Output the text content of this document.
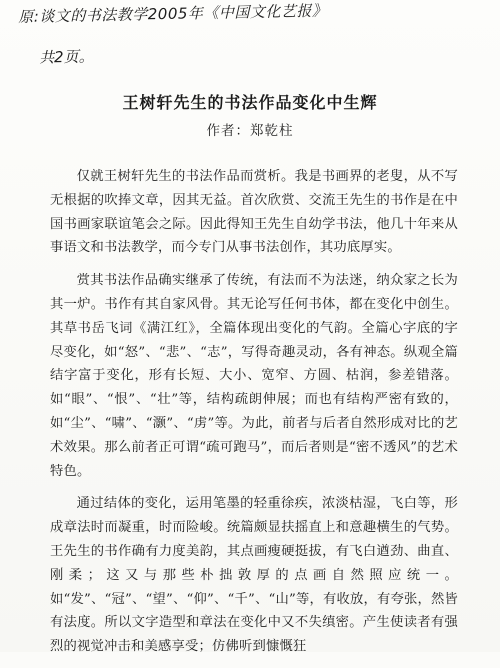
原:谈文的书法教学2005年《中国文化艺报》
共2页。
王树轩先生的书法作品变化中生辉
作者：郑乾柱

仅就王树轩先生的书法作品而赏析。我是书画界的老叟，从不写无根据的吹捧文章，因其无益。首次欣赏、交流王先生的书作是在中国书画家联谊笔会之际。因此得知王先生自幼学书法，他几十年来从事语文和书法教学，而今专门从事书法创作，其功底厚实。

赏其书法作品确实继承了传统，有法而不为法迷，纳众家之长为其一炉。书作有其自家风骨。其无论写任何书体，都在变化中创生。其草书岳飞词《满江红》，全篇体现出变化的气韵。全篇心字底的字尽变化，如“怒”、“悲”、“志”，写得奇趣灵动，各有神态。纵观全篇结字富于变化，形有长短、大小、宽窄、方圆、枯润，参差错落。如“眼”、“恨”、“壮”等，结构疏朗伸展；而也有结构严密有致的，如“尘”、“啸”、“灏”、“虏”等。为此，前者与后者自然形成对比的艺术效果。那么前者正可谓“疏可跑马”，而后者则是“密不透风”的艺术特色。

通过结体的变化，运用笔墨的轻重徐疾，浓淡枯湿，飞白等，形成章法时而凝重，时而险峻。统篇颇显扶摇直上和意趣横生的气势。王先生的书作确有力度美韵，其点画瘦硬挺拔，有飞白遒劲、曲直、刚柔；这又与那些朴拙敦厚的点画自然照应统一。如“发”、“冠”、“望”、“仰”、“千”、“山”等，有收放，有夸张，然皆有法度。所以文字造型和章法在变化中又不失缜密。产生使读者有强烈的视觉冲击和美感享受；仿佛听到慷慨狂
